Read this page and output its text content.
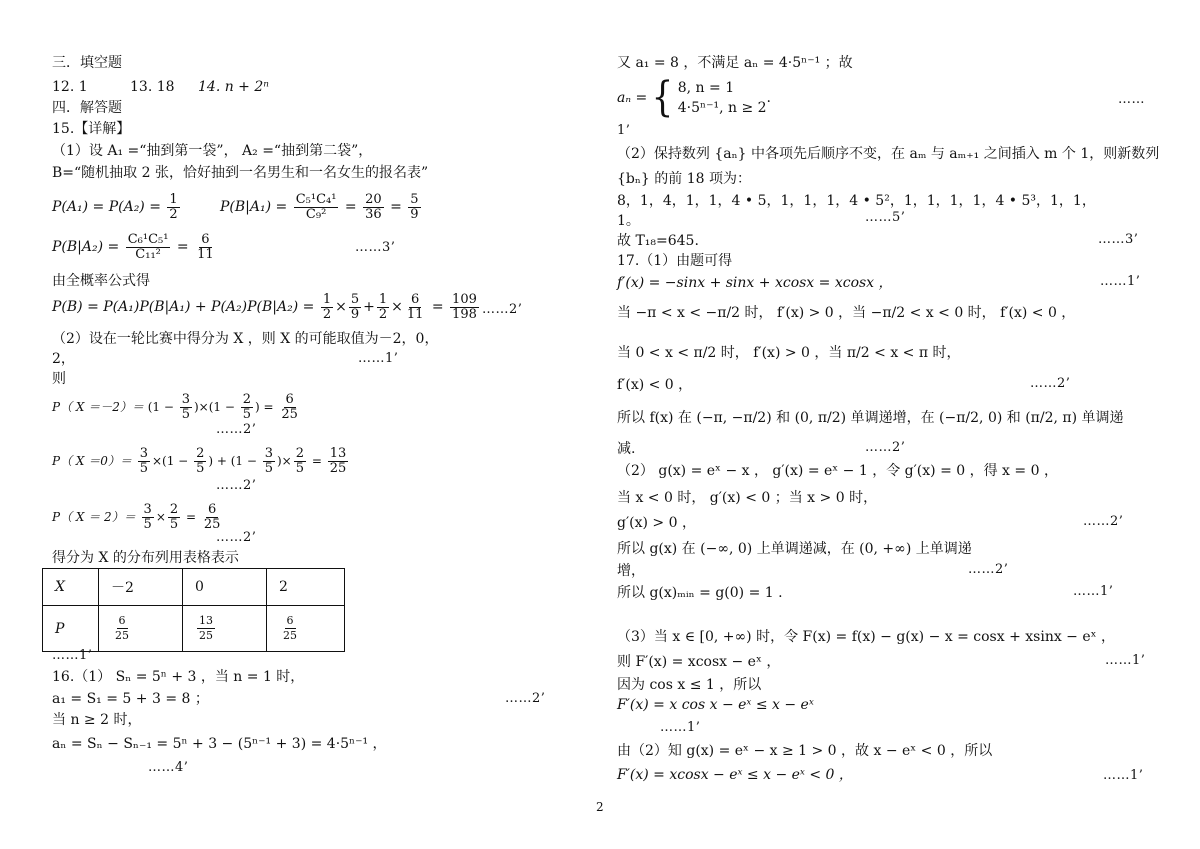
三．填空题
12. 1	13. 18 14. n + 2ⁿ
四．解答题
15.【详解】
（1）设 A₁ =“抽到第一袋”， A₂ =“抽到第二袋”，
B=“随机抽取 2 张，恰好抽到一名男生和一名女生的报名表”
$P(A_1) = P(A_2) = \frac{1}{2}$	$P(B|A_1) = \frac{\text{C₅¹C₄¹}}{\text{C₉²}} = \frac{20}{36} = \frac{5}{9}$
$P(B|A_2) = \frac{\text{C₆¹C₅¹}}{\text{C₁₁²}} = \frac{6}{11}$	……3’
由全概率公式得
$P(B) = P(A_1)P(B|A_1) + P(A_2)P(B|A_2) = \frac{1}{2} \times \frac{5}{9} + \frac{1}{2} \times \frac{6}{11} = \frac{109}{198}$ ……2’
（2）设在一轮比赛中得分为 X ，则 X 的可能取值为－2，0，
2，	……1’
则
P（ $X =-2)= (1 - \frac{3}{5} )\times(1 - \frac{2}{5}$ ) = $\frac{6}{25}$
……2’
P（ $X =0)= \frac{3}{5} \times(1 - \frac{2}{5}$ ) + ($1 - \frac{3}{5}$ )× $\frac{2}{5} = \frac{13}{25}$
……2’
P（ $X = 2)= \frac{3}{5} \times \frac{2}{5} = \frac{6}{25}$
……2’
得分为 X 的分布列用表格表示
X	－2	0	2
P	$\frac{6}{25}$	$\frac{13}{25}$	$\frac{6}{25}$
……1’
16.（1） Sₙ = 5ⁿ + 3 ，当 n = 1 时，
a₁ = S₁ = 5 + 3 = 8 ；	……2’
当 n ≥ 2 时，
aₙ = Sₙ − Sₙ₋₁ = 5ⁿ + 3 − (5ⁿ⁻¹ + 3) = 4·5ⁿ⁻¹ ，
……4’
又 a₁ = 8 ，不满足 aₙ = 4·5ⁿ⁻¹ ；故
aₙ = { 8, n = 1
4·5ⁿ⁻¹, n ≥ 2
.	……
1’
（2）保持数列 {aₙ} 中各项先后顺序不变，在 aₘ 与 aₘ₊₁ 之间插入 m 个 1，则新数列
{bₙ} 的前 18 项为：
8，1，4，1，1，4 • 5，1，1，1，4 • 5²，1，1，1，1，4 • 5³，1，1，
1。	……5’
故 T₁₈=645.	……3’
17.（1）由题可得
f′(x) = −sinx + sinx + xcosx = xcosx ，	……1’
当 −π < x < −π/2 时， f′(x) > 0 ，当 −π/2 < x < 0 时， f′(x) < 0 ，
当 0 < x < π/2 时， f′(x) > 0 ，当 π/2 < x < π 时，
f′(x) < 0 ，	……2’
所以 f(x) 在 (−π, −π/2) 和 (0, π/2) 单调递增，在 (−π/2, 0) 和 (π/2, π) 单调递
减.	……2’
（2） g(x) = eˣ − x ， g′(x) = eˣ − 1 ，令 g′(x) = 0 ，得 x = 0 ，
当 x < 0 时， g′(x) < 0 ；当 x > 0 时，
g′(x) > 0 ，	……2’
所以 g(x) 在 (−∞, 0) 上单调递减，在 (0, +∞) 上单调递
增，	……2’
所以 g(x)ₘᵢₙ = g(0) = 1 .	……1’
（3）当 x ∈ [0, +∞) 时，令 F(x) = f(x) − g(x) − x = cosx + xsinx − eˣ ，
则 F′(x) = xcosx − eˣ ，	……1’
因为 cos x ≤ 1 ，所以
F′(x) = x cos x − eˣ ≤ x − eˣ
……1’
由（2）知 g(x) = eˣ − x ≥ 1 > 0 ，故 x − eˣ < 0 ，所以
F′(x) = xcosx − eˣ ≤ x − eˣ < 0 ，	……1’
2
